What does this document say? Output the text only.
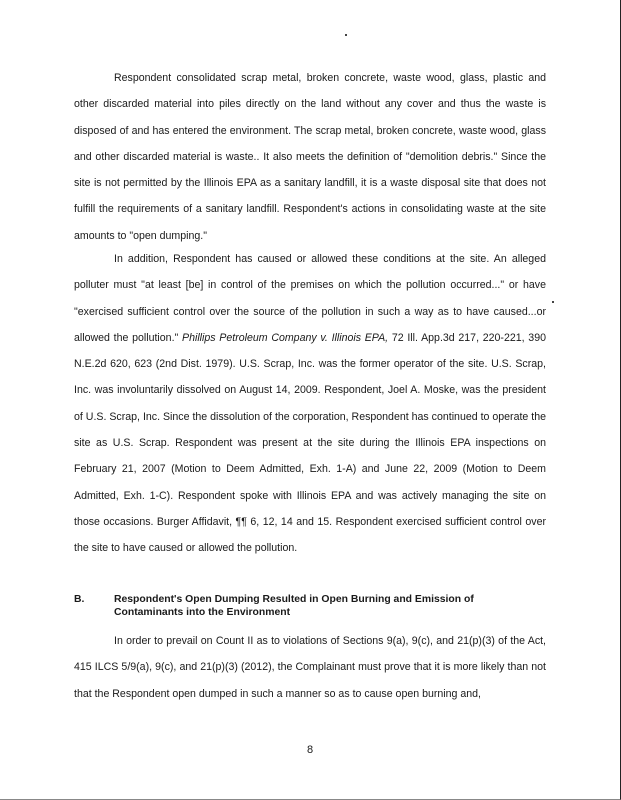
Respondent consolidated scrap metal, broken concrete, waste wood, glass, plastic and other discarded material into piles directly on the land without any cover and thus the waste is disposed of and has entered the environment. The scrap metal, broken concrete, waste wood, glass and other discarded material is waste.. It also meets the definition of "demolition debris." Since the site is not permitted by the Illinois EPA as a sanitary landfill, it is a waste disposal site that does not fulfill the requirements of a sanitary landfill. Respondent's actions in consolidating waste at the site amounts to "open dumping."

In addition, Respondent has caused or allowed these conditions at the site. An alleged polluter must "at least [be] in control of the premises on which the pollution occurred..." or have "exercised sufficient control over the source of the pollution in such a way as to have caused...or allowed the pollution." Phillips Petroleum Company v. Illinois EPA, 72 Ill. App.3d 217, 220-221, 390 N.E.2d 620, 623 (2nd Dist. 1979). U.S. Scrap, Inc. was the former operator of the site. U.S. Scrap, Inc. was involuntarily dissolved on August 14, 2009. Respondent, Joel A. Moske, was the president of U.S. Scrap, Inc. Since the dissolution of the corporation, Respondent has continued to operate the site as U.S. Scrap. Respondent was present at the site during the Illinois EPA inspections on February 21, 2007 (Motion to Deem Admitted, Exh. 1-A) and June 22, 2009 (Motion to Deem Admitted, Exh. 1-C). Respondent spoke with Illinois EPA and was actively managing the site on those occasions. Burger Affidavit, ¶¶ 6, 12, 14 and 15. Respondent exercised sufficient control over the site to have caused or allowed the pollution.

B.	Respondent's Open Dumping Resulted in Open Burning and Emission of Contaminants into the Environment

In order to prevail on Count II as to violations of Sections 9(a), 9(c), and 21(p)(3) of the Act, 415 ILCS 5/9(a), 9(c), and 21(p)(3) (2012), the Complainant must prove that it is more likely than not that the Respondent open dumped in such a manner so as to cause open burning and,

8
